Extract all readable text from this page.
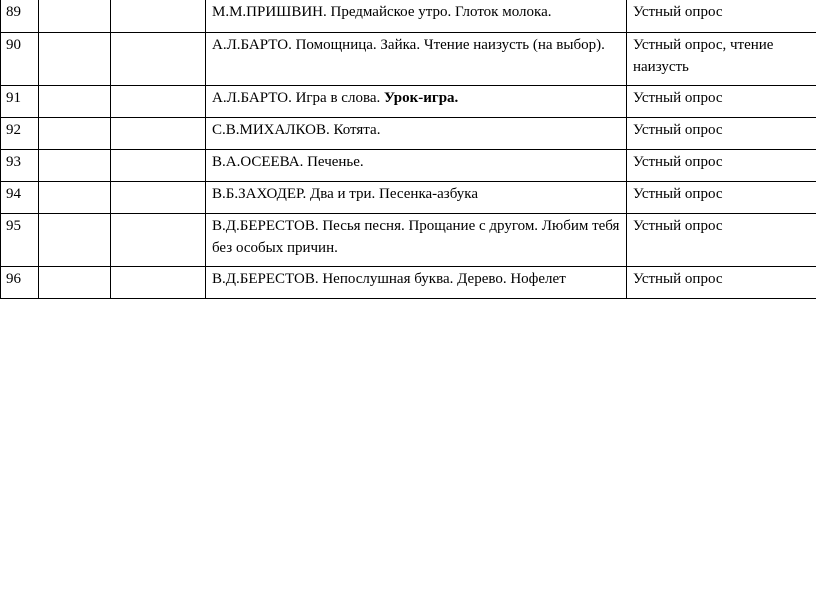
89			М.М.ПРИШВИН. Предмайское утро. Глоток молока.	Устный опрос
90			А.Л.БАРТО. Помощница. Зайка. Чтение наизусть (на выбор).	Устный опрос, чтение наизусть
91			А.Л.БАРТО. Игра в слова. Урок-игра.	Устный опрос
92			С.В.МИХАЛКОВ. Котята.	Устный опрос
93			В.А.ОСЕЕВА. Печенье.	Устный опрос
94			В.Б.ЗАХОДЕР. Два и три. Песенка-азбука	Устный опрос
95			В.Д.БЕРЕСТОВ. Песья песня. Прощание с другом. Любим тебя без особых причин.	Устный опрос
96			В.Д.БЕРЕСТОВ. Непослушная буква. Дерево. Нофелет	Устный опрос
